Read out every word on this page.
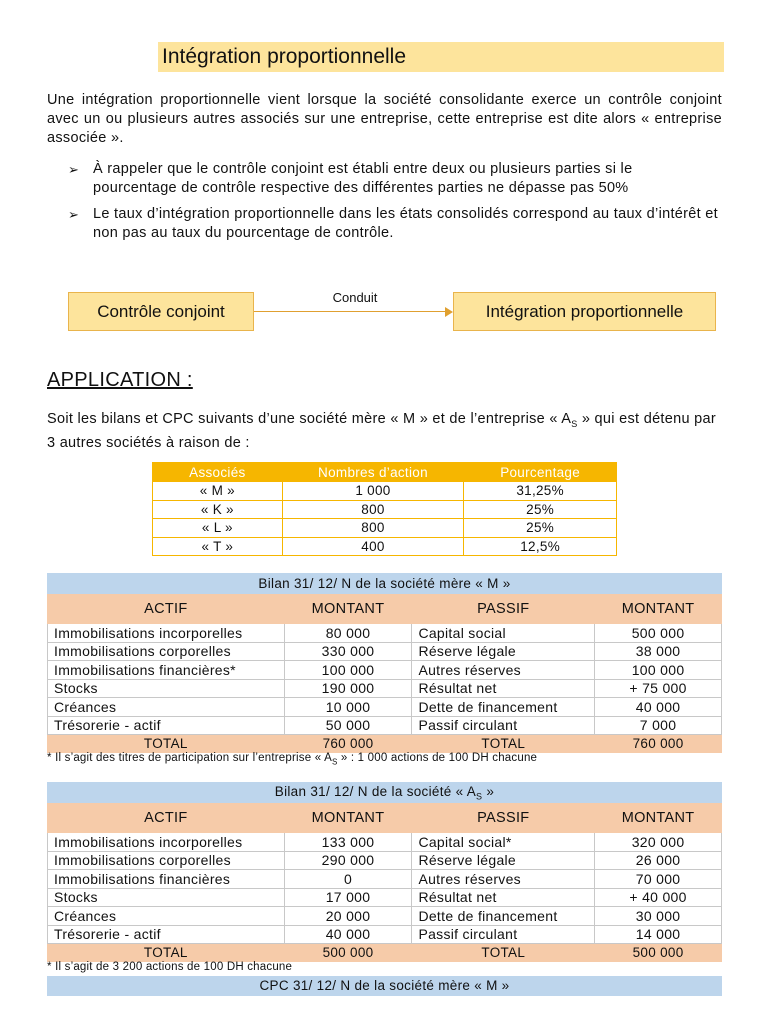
Intégration proportionnelle

Une intégration proportionnelle vient lorsque la société consolidante exerce un contrôle conjoint avec un ou plusieurs autres associés sur une entreprise, cette entreprise est dite alors « entreprise associée ».

➢ À rappeler que le contrôle conjoint est établi entre deux ou plusieurs parties si le pourcentage de contrôle respective des différentes parties ne dépasse pas 50%
➢ Le taux d’intégration proportionnelle dans les états consolidés correspond au taux d’intérêt et non pas au taux du pourcentage de contrôle.
Contrôle conjoint
Conduit
Intégration proportionnelle
APPLICATION :

Soit les bilans et CPC suivants d’une société mère « M » et de l’entreprise « $A_S$ » qui est détenu par 3 autres sociétés à raison de :

Associés	Nombres d’action	Pourcentage
« M »	1 000	31,25%
« K »	800	25%
« L »	800	25%
« T »	400	12,5%
Bilan 31/ 12/ N de la société mère « M »			
ACTIF	MONTANT	PASSIF	MONTANT
Immobilisations incorporelles	80 000	Capital social	500 000
Immobilisations corporelles	330 000	Réserve légale	38 000
Immobilisations financières*	100 000	Autres réserves	100 000
Stocks	190 000	Résultat net	+ 75 000
Créances	10 000	Dette de financement	40 000
Trésorerie - actif	50 000	Passif circulant	7 000
TOTAL	760 000	TOTAL	760 000
* Il s’agit des titres de participation sur l’entreprise « $A_S$ » : 1 000 actions de 100 DH chacune
Bilan 31/ 12/ N de la société « $A_S$ »			
ACTIF	MONTANT	PASSIF	MONTANT
Immobilisations incorporelles	133 000	Capital social*	320 000
Immobilisations corporelles	290 000	Réserve légale	26 000
Immobilisations financières	0	Autres réserves	70 000
Stocks	17 000	Résultat net	+ 40 000
Créances	20 000	Dette de financement	30 000
Trésorerie - actif	40 000	Passif circulant	14 000
TOTAL	500 000	TOTAL	500 000
* Il s’agit de 3 200 actions de 100 DH chacune
CPC 31/ 12/ N de la société mère « M »
